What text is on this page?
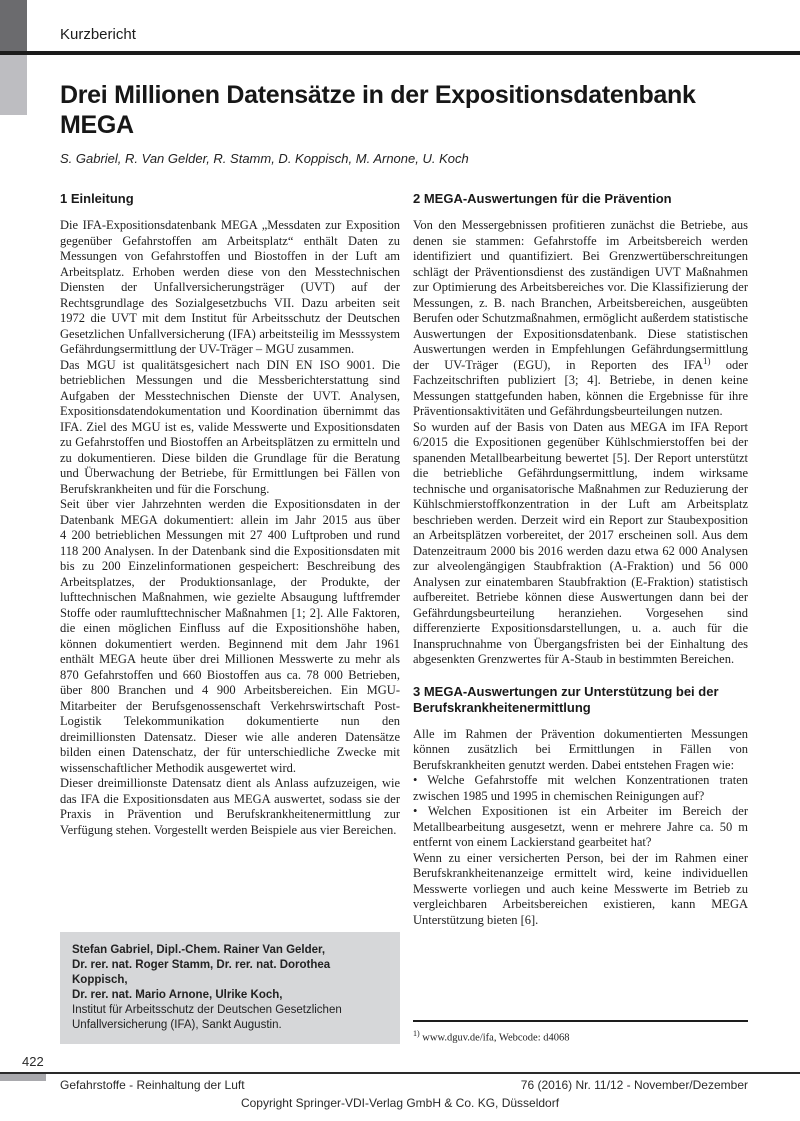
Kurzbericht
Drei Millionen Datensätze in der Expositionsdatenbank
MEGA
S. Gabriel, R. Van Gelder, R. Stamm, D. Koppisch, M. Arnone, U. Koch
1 Einleitung

Die IFA-Expositionsdatenbank MEGA „Messdaten zur Exposition gegenüber Gefahrstoffen am Arbeitsplatz“ enthält Daten zu Messungen von Gefahrstoffen und Biostoffen in der Luft am Arbeitsplatz. Erhoben werden diese von den Messtechnischen Diensten der Unfallversicherungsträger (UVT) auf der Rechtsgrundlage des Sozialgesetzbuchs VII. Dazu arbeiten seit 1972 die UVT mit dem Institut für Arbeitsschutz der Deutschen Gesetzlichen Unfallversicherung (IFA) arbeitsteilig im Messsystem Gefährdungsermittlung der UV-Träger – MGU zusammen.

Das MGU ist qualitätsgesichert nach DIN EN ISO 9001. Die betrieblichen Messungen und die Messberichterstattung sind Aufgaben der Messtechnischen Dienste der UVT. Analysen, Expositionsdatendokumentation und Koordination übernimmt das IFA. Ziel des MGU ist es, valide Messwerte und Expositionsdaten zu Gefahrstoffen und Biostoffen an Arbeitsplätzen zu ermitteln und zu dokumentieren. Diese bilden die Grundlage für die Beratung und Überwachung der Betriebe, für Ermittlungen bei Fällen von Berufskrankheiten und für die Forschung.

Seit über vier Jahrzehnten werden die Expositionsdaten in der Datenbank MEGA dokumentiert: allein im Jahr 2015 aus über 4 200 betrieblichen Messungen mit 27 400 Luftproben und rund 118 200 Analysen. In der Datenbank sind die Expositionsdaten mit bis zu 200 Einzelinformationen gespeichert: Beschreibung des Arbeitsplatzes, der Produktionsanlage, der Produkte, der lufttechnischen Maßnahmen, wie gezielte Absaugung luftfremder Stoffe oder raumlufttechnischer Maßnahmen [1; 2]. Alle Faktoren, die einen möglichen Einfluss auf die Expositionshöhe haben, können dokumentiert werden. Beginnend mit dem Jahr 1961 enthält MEGA heute über drei Millionen Messwerte zu mehr als 870 Gefahrstoffen und 660 Biostoffen aus ca. 78 000 Betrieben, über 800 Branchen und 4 900 Arbeitsbereichen. Ein MGU-Mitarbeiter der Berufsgenossenschaft Verkehrswirtschaft Post-Logistik Telekommunikation dokumentierte nun den dreimillionsten Datensatz. Dieser wie alle anderen Datensätze bilden einen Datenschatz, der für unterschiedliche Zwecke mit wissenschaftlicher Methodik ausgewertet wird.

Dieser dreimillionste Datensatz dient als Anlass aufzuzeigen, wie das IFA die Expositionsdaten aus MEGA auswertet, sodass sie der Praxis in Prävention und Berufskrankheitenermittlung zur Verfügung stehen. Vorgestellt werden Beispiele aus vier Bereichen.

Stefan Gabriel, Dipl.-Chem. Rainer Van Gelder,
Dr. rer. nat. Roger Stamm, Dr. rer. nat. Dorothea Koppisch,
Dr. rer. nat. Mario Arnone, Ulrike Koch,
Institut für Arbeitsschutz der Deutschen Gesetzlichen Unfallversicherung (IFA), Sankt Augustin.
2 MEGA-Auswertungen für die Prävention

Von den Messergebnissen profitieren zunächst die Betriebe, aus denen sie stammen: Gefahrstoffe im Arbeitsbereich werden identifiziert und quantifiziert. Bei Grenzwertüberschreitungen schlägt der Präventionsdienst des zuständigen UVT Maßnahmen zur Optimierung des Arbeitsbereiches vor. Die Klassifizierung der Messungen, z. B. nach Branchen, Arbeitsbereichen, ausgeübten Berufen oder Schutzmaßnahmen, ermöglicht außerdem statistische Auswertungen der Expositionsdatenbank. Diese statistischen Auswertungen werden in Empfehlungen Gefährdungsermittlung der UV-Träger (EGU), in Reporten des IFA$^{1)}$ oder Fachzeitschriften publiziert [3; 4]. Betriebe, in denen keine Messungen stattgefunden haben, können die Ergebnisse für ihre Präventionsaktivitäten und Gefährdungsbeurteilungen nutzen.

So wurden auf der Basis von Daten aus MEGA im IFA Report 6/2015 die Expositionen gegenüber Kühlschmierstoffen bei der spanenden Metallbearbeitung bewertet [5]. Der Report unterstützt die betriebliche Gefährdungsermittlung, indem wirksame technische und organisatorische Maßnahmen zur Reduzierung der Kühlschmierstoffkonzentration in der Luft am Arbeitsplatz beschrieben werden. Derzeit wird ein Report zur Staubexposition an Arbeitsplätzen vorbereitet, der 2017 erscheinen soll. Aus dem Datenzeitraum 2000 bis 2016 werden dazu etwa 62 000 Analysen zur alveolengängigen Staubfraktion (A-Fraktion) und 56 000 Analysen zur einatembaren Staubfraktion (E-Fraktion) statistisch aufbereitet. Betriebe können diese Auswertungen dann bei der Gefährdungsbeurteilung heranziehen. Vorgesehen sind differenzierte Expositionsdarstellungen, u. a. auch für die Inanspruchnahme von Übergangsfristen bei der Einhaltung des abgesenkten Grenzwertes für A-Staub in bestimmten Bereichen.

3 MEGA-Auswertungen zur Unterstützung bei der Berufskrankheitenermittlung

Alle im Rahmen der Prävention dokumentierten Messungen können zusätzlich bei Ermittlungen in Fällen von Berufskrankheiten genutzt werden. Dabei entstehen Fragen wie:

• Welche Gefahrstoffe mit welchen Konzentrationen traten zwischen 1985 und 1995 in chemischen Reinigungen auf?

• Welchen Expositionen ist ein Arbeiter im Bereich der Metallbearbeitung ausgesetzt, wenn er mehrere Jahre ca. 50 m entfernt von einem Lackierstand gearbeitet hat?

Wenn zu einer versicherten Person, bei der im Rahmen einer Berufskrankheitenanzeige ermittelt wird, keine individuellen Messwerte vorliegen und auch keine Messwerte im Betrieb zu vergleichbaren Arbeitsbereichen existieren, kann MEGA Unterstützung bieten [6].

$^{1)}$ www.dguv.de/ifa, Webcode: d4068
422
Gefahrstoffe - Reinhaltung der Luft	76 (2016) Nr. 11/12 - November/Dezember
Copyright Springer-VDI-Verlag GmbH & Co. KG, Düsseldorf
